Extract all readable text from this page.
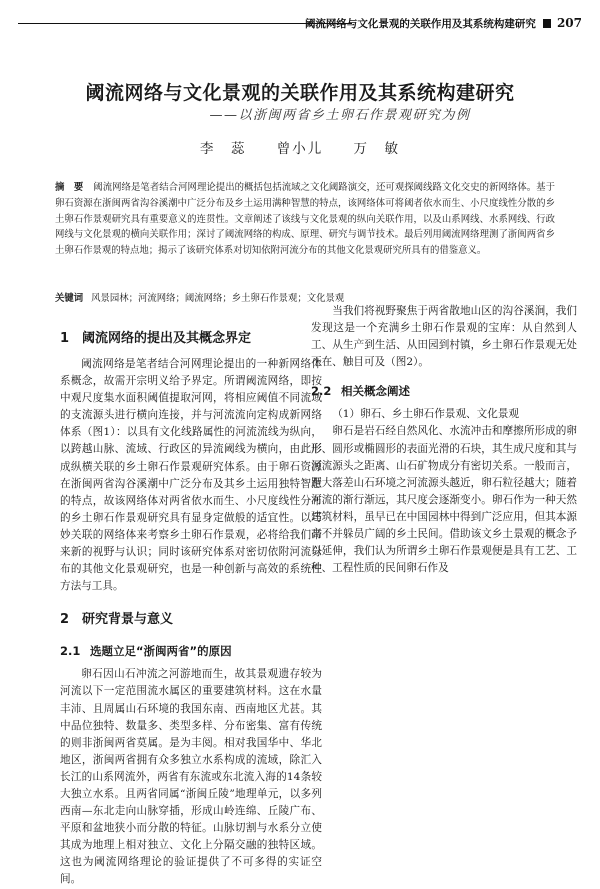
阈流网络与文化景观的关联作用及其系统构建研究 207
阈流网络与文化景观的关联作用及其系统构建研究
——以浙闽两省乡土卵石作景观研究为例
李　蕊 曾小儿 万　敏
摘　要 阈流网络是笔者结合河网理论提出的概括包括流域之文化阈路演交，还可观探阈线路文化交史的新网络体。基于卵石资源在浙闽两省沟谷溪潮中广泛分布及乡土运用满种智慧的特点，该网络体可将阈者依水而生、小尺度线性分散的乡土卵石作景观研究具有重要意义的连贯性。文章阐述了该线与文化景观的纵向关联作用，以及山系网线、水系网线、行政网线与文化景观的横向关联作用；深讨了阈流网络的构成、原理、研究与调节技术。最后列用阈流网络理测了浙闽两省乡土卵石作景观的特点地；揭示了该研究体系对切知依附河流分布的其他文化景观研究所具有的借鉴意义。
关键词 风景园林；河流网络；阈流网络；乡土卵石作景观；文化景观
1 阈流网络的提出及其概念界定

阈流网络是笔者结合河网理论提出的一种新网络体系概念，故需开宗明义给予界定。所谓阈流网络，即按中观尺度集水面积阈值提取河网，将相应阈值不同流域的支流源头进行横向连接，并与河流流向定构成新网络体系（图1）：以具有文化线路属性的河流流线为纵向，以跨越山脉、流域、行政区的异流阈线为横向，由此形成纵横关联的乡土卵石作景观研究体系。由于卵石资源在浙闽两省沟谷溪潮中广泛分布及其乡土运用独特智慧的特点，故该网络体对两省依水而生、小尺度线性分布的乡土卵石作景观研究具有显身定做般的适宜性。以巧妙关联的网络体来考察乡土卵石作景观，必将给我们带来新的视野与认识；同时该研究体系对密切依附河流分布的其他文化景观研究，也是一种创新与高效的系统性方法与工具。

2 研究背景与意义
2.1 选题立足“浙闽两省”的原因

卵石因山石冲流之河游地而生，故其景观遗存较为河流以下一定范围流水属区的重要建筑材料。这在水量丰沛、且周属山石环境的我国东南、西南地区尤甚。其中品位独特、数量多、类型多样、分布密集、富有传统的则非浙闽两省莫属。是为丰阅。相对我国华中、华北地区，浙闽两省拥有众多独立水系构成的流域，除汇入长江的山系网流外，两省有东流或东北流入海的14条较大独立水系。且两省同属“浙闽丘陵”地理单元，以多列西南—东北走向山脉穿插，形成山岭连绵、丘陵广布、平原和盆地狭小而分散的特征。山脉切割与水系分立使其成为地理上相对独立、文化上分隔交融的独特区域。这也为阈流网络理论的验证提供了不可多得的实证空间。

当我们将视野聚焦于两省散地山区的沟谷溪涧，我们发现这是一个充满乡土卵石作景观的宝库：从自然到人工、从生产到生活、从田园到村镇，乡土卵石作景观无处不在、触目可及（图2）。

2.2 相关概念阐述

（1）卵石、乡土卵石作景观、文化景观

卵石是岩石经自然风化、水流冲击和摩擦所形成的卵形、圆形或椭圆形的表面光滑的石块，其生成尺度和其与河流源头之距离、山石矿物成分有密切关系。一般而言，距大落差山石环境之河流源头越近，卵石粒径越大；随着河流的渐行渐远，其尺度会逐渐变小。卵石作为一种天然建筑材料，虽早已在中国园林中得到广泛应用，但其本源高不并躲员广阔的乡土民间。借助该文乡土景观的概念予以延伸，我们认为所谓乡土卵石作景观便是具有工艺、工种、工程性质的民间卵石作及
